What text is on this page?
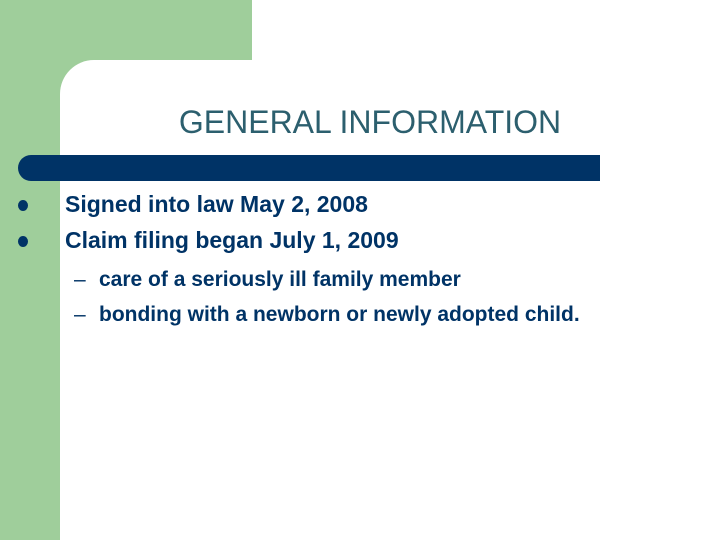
GENERAL INFORMATION
Signed into law May 2, 2008
Claim filing began July 1, 2009
– care of a seriously ill family member
– bonding with a newborn or newly adopted child.
